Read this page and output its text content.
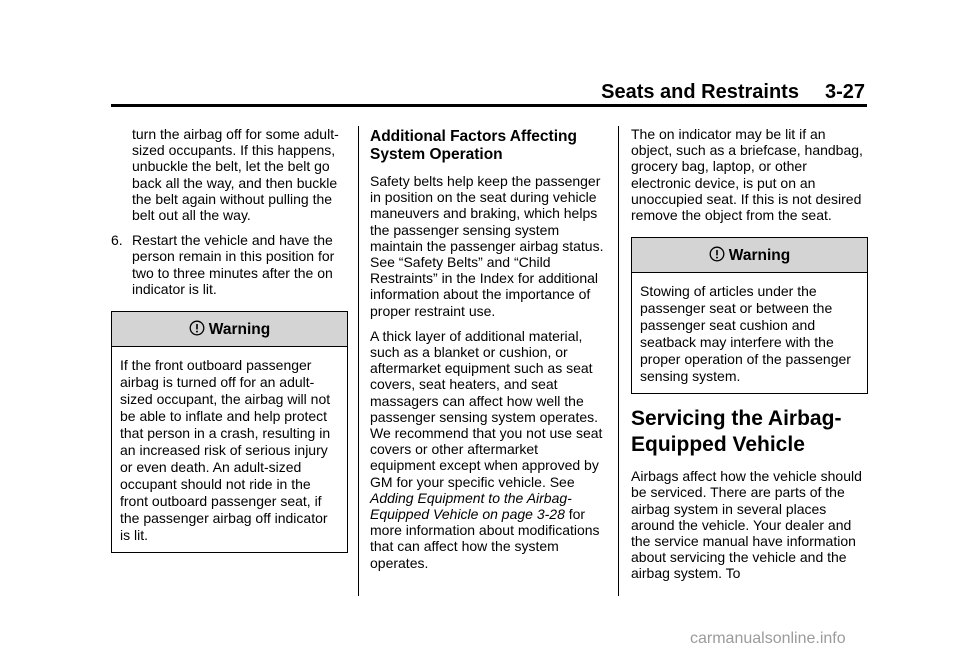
Seats and Restraints 3-27

turn the airbag off for some adult-sized occupants. If this happens, unbuckle the belt, let the belt go back all the way, and then buckle the belt again without pulling the belt out all the way.

6. Restart the vehicle and have the person remain in this position for two to three minutes after the on indicator is lit.
Warning
If the front outboard passenger airbag is turned off for an adult-sized occupant, the airbag will not be able to inflate and help protect that person in a crash, resulting in an increased risk of serious injury or even death. An adult-sized occupant should not ride in the front outboard passenger seat, if the passenger airbag off indicator is lit.
Additional Factors Affecting System Operation

Safety belts help keep the passenger in position on the seat during vehicle maneuvers and braking, which helps the passenger sensing system maintain the passenger airbag status. See “Safety Belts” and “Child Restraints” in the Index for additional information about the importance of proper restraint use.

A thick layer of additional material, such as a blanket or cushion, or aftermarket equipment such as seat covers, seat heaters, and seat massagers can affect how well the passenger sensing system operates. We recommend that you not use seat covers or other aftermarket equipment except when approved by GM for your specific vehicle. See Adding Equipment to the Airbag-Equipped Vehicle on page 3-28 for more information about modifications that can affect how the system operates.

The on indicator may be lit if an object, such as a briefcase, handbag, grocery bag, laptop, or other electronic device, is put on an unoccupied seat. If this is not desired remove the object from the seat.

Warning
Stowing of articles under the passenger seat or between the passenger seat cushion and seatback may interfere with the proper operation of the passenger sensing system.
Servicing the Airbag-Equipped Vehicle

Airbags affect how the vehicle should be serviced. There are parts of the airbag system in several places around the vehicle. Your dealer and the service manual have information about servicing the vehicle and the airbag system. To

carmanualsonline.info
